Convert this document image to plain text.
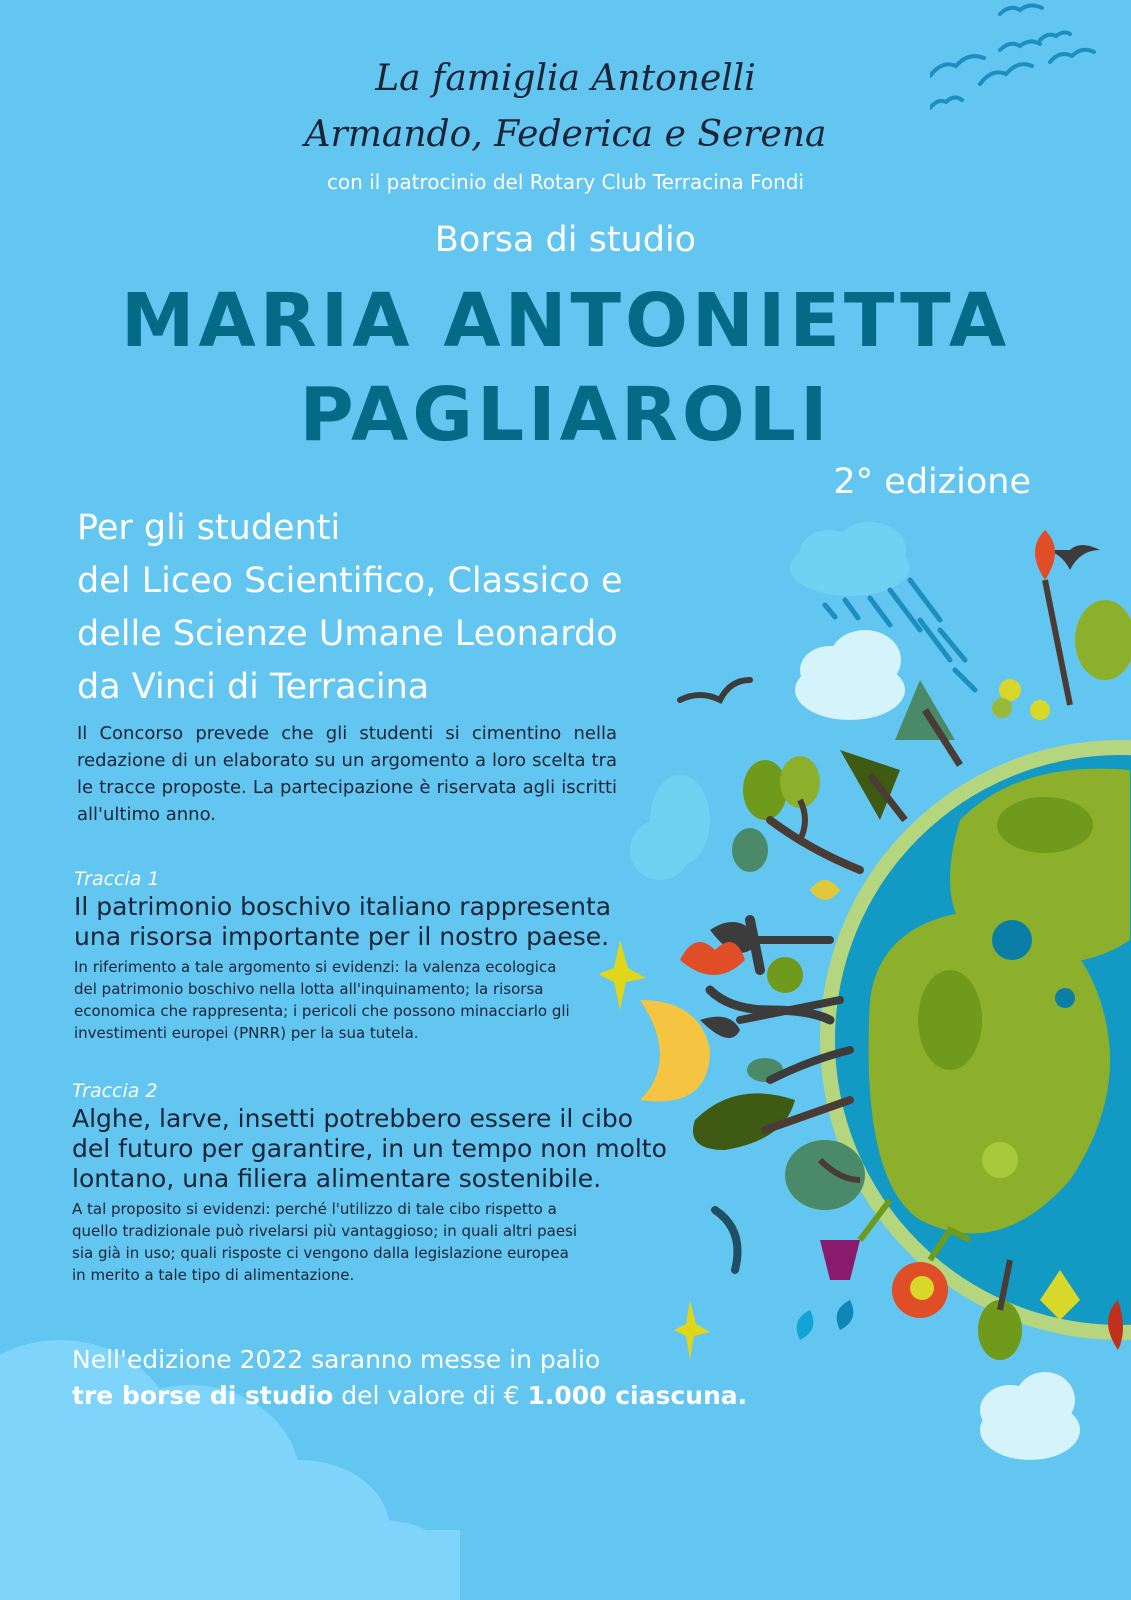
La famiglia Antonelli
Armando, Federica e Serena
con il patrocinio del Rotary Club Terracina Fondi
Borsa di studio
MARIA ANTONIETTA
PAGLIAROLI
2° edizione
Per gli studenti
del Liceo Scientifico, Classico e
delle Scienze Umane Leonardo
da Vinci di Terracina
Il Concorso prevede che gli studenti si cimentino nella redazione di un elaborato su un argomento a loro scelta tra le tracce proposte. La partecipazione è riservata agli iscritti all'ultimo anno.
Traccia 1
Il patrimonio boschivo italiano rappresenta
una risorsa importante per il nostro paese.
In riferimento a tale argomento si evidenzi: la valenza ecologica
del patrimonio boschivo nella lotta all'inquinamento; la risorsa
economica che rappresenta; i pericoli che possono minacciarlo gli
investimenti europei (PNRR) per la sua tutela.
Traccia 2
Alghe, larve, insetti potrebbero essere il cibo
del futuro per garantire, in un tempo non molto
lontano, una filiera alimentare sostenibile.
A tal proposito si evidenzi: perché l'utilizzo di tale cibo rispetto a
quello tradizionale può rivelarsi più vantaggioso; in quali altri paesi
sia già in uso; quali risposte ci vengono dalla legislazione europea
in merito a tale tipo di alimentazione.
Nell'edizione 2022 saranno messe in palio
tre borse di studio del valore di € 1.000 ciascuna.
